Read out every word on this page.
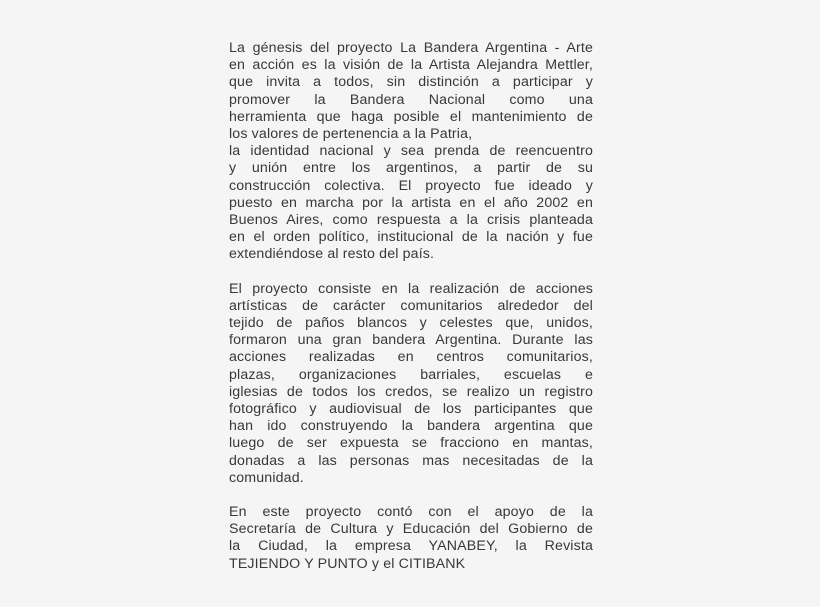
La génesis del proyecto La Bandera Argentina - Arte
en acción es la visión de la Artista Alejandra Mettler,
que invita a todos, sin distinción a participar y
promover la Bandera Nacional como una
herramienta que haga posible el mantenimiento de
los valores de pertenencia a la Patria,
la identidad nacional y sea prenda de reencuentro
y unión entre los argentinos, a partir de su
construcción colectiva. El proyecto fue ideado y
puesto en marcha por la artista en el año 2002 en
Buenos Aires, como respuesta a la crisis planteada
en el orden político, institucional de la nación y fue
extendiéndose al resto del país.
El proyecto consiste en la realización de acciones
artísticas de carácter comunitarios alrededor del
tejido de paños blancos y celestes que, unidos,
formaron una gran bandera Argentina. Durante las
acciones realizadas en centros comunitarios,
plazas, organizaciones barriales, escuelas e
iglesias de todos los credos, se realizo un registro
fotográfico y audiovisual de los participantes que
han ido construyendo la bandera argentina que
luego de ser expuesta se fracciono en mantas,
donadas a las personas mas necesitadas de la
comunidad.
En este proyecto contó con el apoyo de la
Secretaría de Cultura y Educación del Gobierno de
la Ciudad, la empresa YANABEY, la Revista
TEJIENDO Y PUNTO y el CITIBANK
